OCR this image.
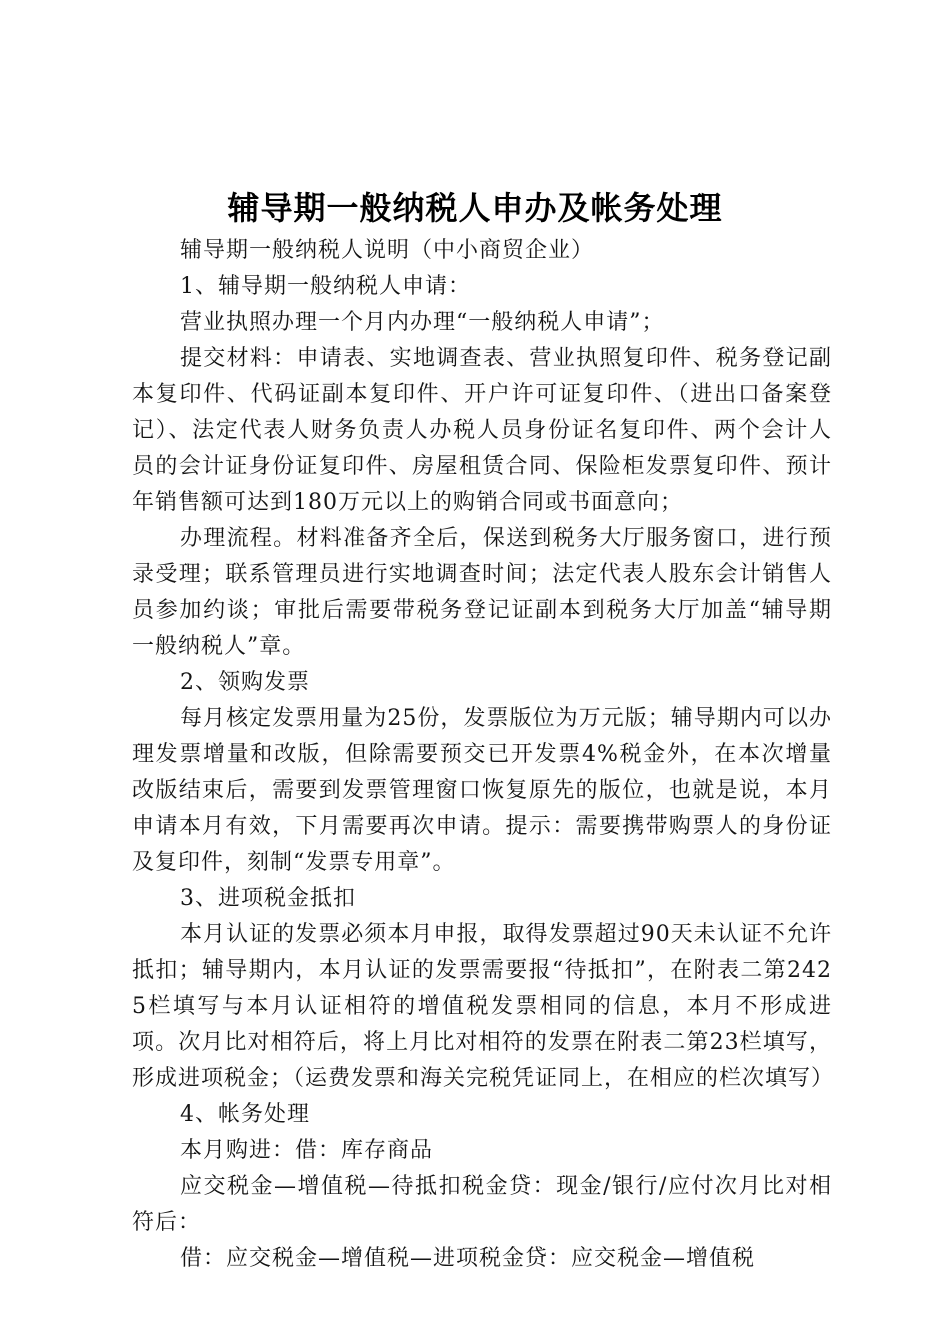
辅导期一般纳税人申办及帐务处理

辅导期一般纳税人说明（中小商贸企业）

1、辅导期一般纳税人申请：

营业执照办理一个月内办理“一般纳税人申请”；

提交材料：申请表、实地调查表、营业执照复印件、税务登记副本复印件、代码证副本复印件、开户许可证复印件、（进出口备案登记）、法定代表人财务负责人办税人员身份证名复印件、两个会计人员的会计证身份证复印件、房屋租赁合同、保险柜发票复印件、预计年销售额可达到180万元以上的购销合同或书面意向；

办理流程。材料准备齐全后，保送到税务大厅服务窗口，进行预录受理；联系管理员进行实地调查时间；法定代表人股东会计销售人员参加约谈；审批后需要带税务登记证副本到税务大厅加盖“辅导期一般纳税人”章。

2、领购发票

每月核定发票用量为25份，发票版位为万元版；辅导期内可以办理发票增量和改版，但除需要预交已开发票4%税金外，在本次增量改版结束后，需要到发票管理窗口恢复原先的版位，也就是说，本月申请本月有效，下月需要再次申请。提示：需要携带购票人的身份证及复印件，刻制“发票专用章”。

3、进项税金抵扣

本月认证的发票必须本月申报，取得发票超过90天未认证不允许抵扣；辅导期内，本月认证的发票需要报“待抵扣”，在附表二第2425栏填写与本月认证相符的增值税发票相同的信息，本月不形成进项。次月比对相符后，将上月比对相符的发票在附表二第23栏填写，形成进项税金；（运费发票和海关完税凭证同上，在相应的栏次填写）

4、帐务处理

本月购进：借：库存商品

应交税金—增值税—待抵扣税金贷：现金/银行/应付次月比对相符后：

借：应交税金—增值税—进项税金贷：应交税金—增值税
